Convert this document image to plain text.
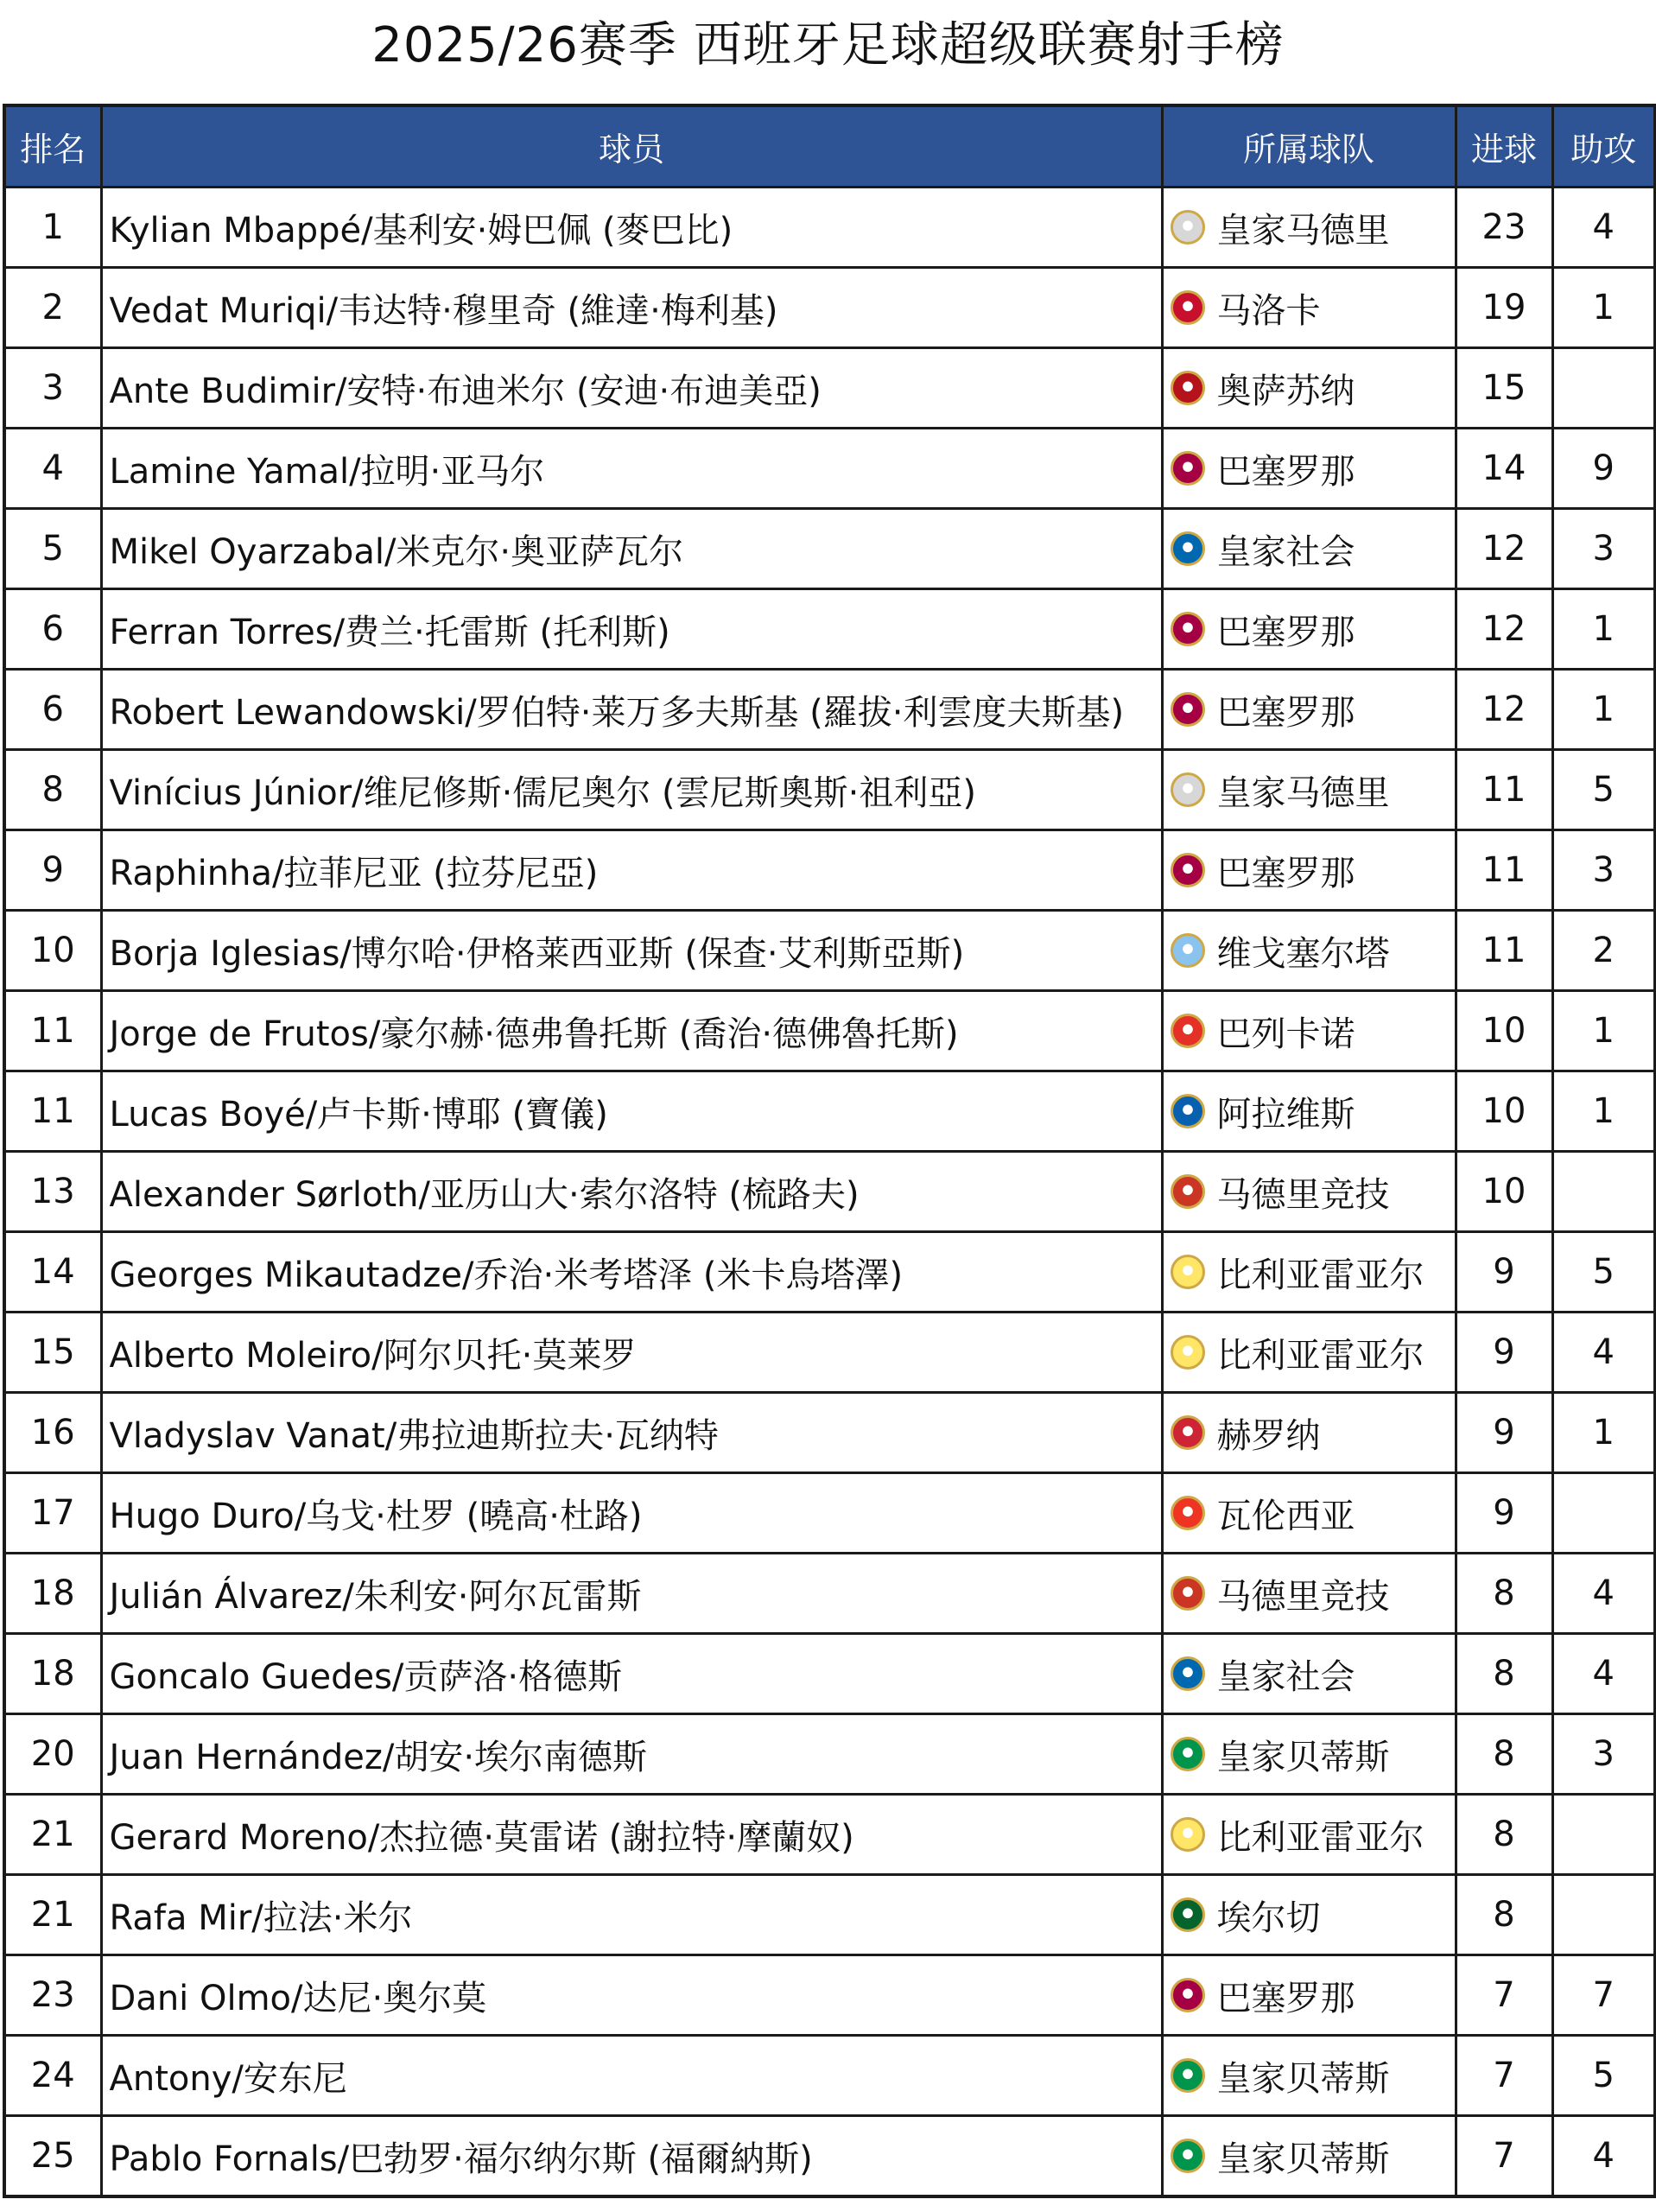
2025/26赛季 西班牙足球超级联赛射手榜
排名	球员	所属球队	进球	助攻
1	Kylian Mbappé/基利安·姆巴佩 (麥巴比)	皇家马德里	23	4
2	Vedat Muriqi/韦达特·穆里奇 (維達·梅利基)	马洛卡	19	1
3	Ante Budimir/安特·布迪米尔 (安迪·布迪美亞)	奥萨苏纳	15	
4	Lamine Yamal/拉明·亚马尔	巴塞罗那	14	9
5	Mikel Oyarzabal/米克尔·奥亚萨瓦尔	皇家社会	12	3
6	Ferran Torres/费兰·托雷斯 (托利斯)	巴塞罗那	12	1
6	Robert Lewandowski/罗伯特·莱万多夫斯基 (羅拔·利雲度夫斯基)	巴塞罗那	12	1
8	Vinícius Júnior/维尼修斯·儒尼奥尔 (雲尼斯奧斯·祖利亞)	皇家马德里	11	5
9	Raphinha/拉菲尼亚 (拉芬尼亞)	巴塞罗那	11	3
10	Borja Iglesias/博尔哈·伊格莱西亚斯 (保查·艾利斯亞斯)	维戈塞尔塔	11	2
11	Jorge de Frutos/豪尔赫·德弗鲁托斯 (喬治·德佛魯托斯)	巴列卡诺	10	1
11	Lucas Boyé/卢卡斯·博耶 (寶儀)	阿拉维斯	10	1
13	Alexander Sørloth/亚历山大·索尔洛特 (梳路夫)	马德里竞技	10	
14	Georges Mikautadze/乔治·米考塔泽 (米卡烏塔澤)	比利亚雷亚尔	9	5
15	Alberto Moleiro/阿尔贝托·莫莱罗	比利亚雷亚尔	9	4
16	Vladyslav Vanat/弗拉迪斯拉夫·瓦纳特	赫罗纳	9	1
17	Hugo Duro/乌戈·杜罗 (曉高·杜路)	瓦伦西亚	9	
18	Julián Álvarez/朱利安·阿尔瓦雷斯	马德里竞技	8	4
18	Goncalo Guedes/贡萨洛·格德斯	皇家社会	8	4
20	Juan Hernández/胡安·埃尔南德斯	皇家贝蒂斯	8	3
21	Gerard Moreno/杰拉德·莫雷诺 (謝拉特·摩蘭奴)	比利亚雷亚尔	8	
21	Rafa Mir/拉法·米尔	埃尔切	8	
23	Dani Olmo/达尼·奥尔莫	巴塞罗那	7	7
24	Antony/安东尼	皇家贝蒂斯	7	5
25	Pablo Fornals/巴勃罗·福尔纳尔斯 (福爾納斯)	皇家贝蒂斯	7	4
